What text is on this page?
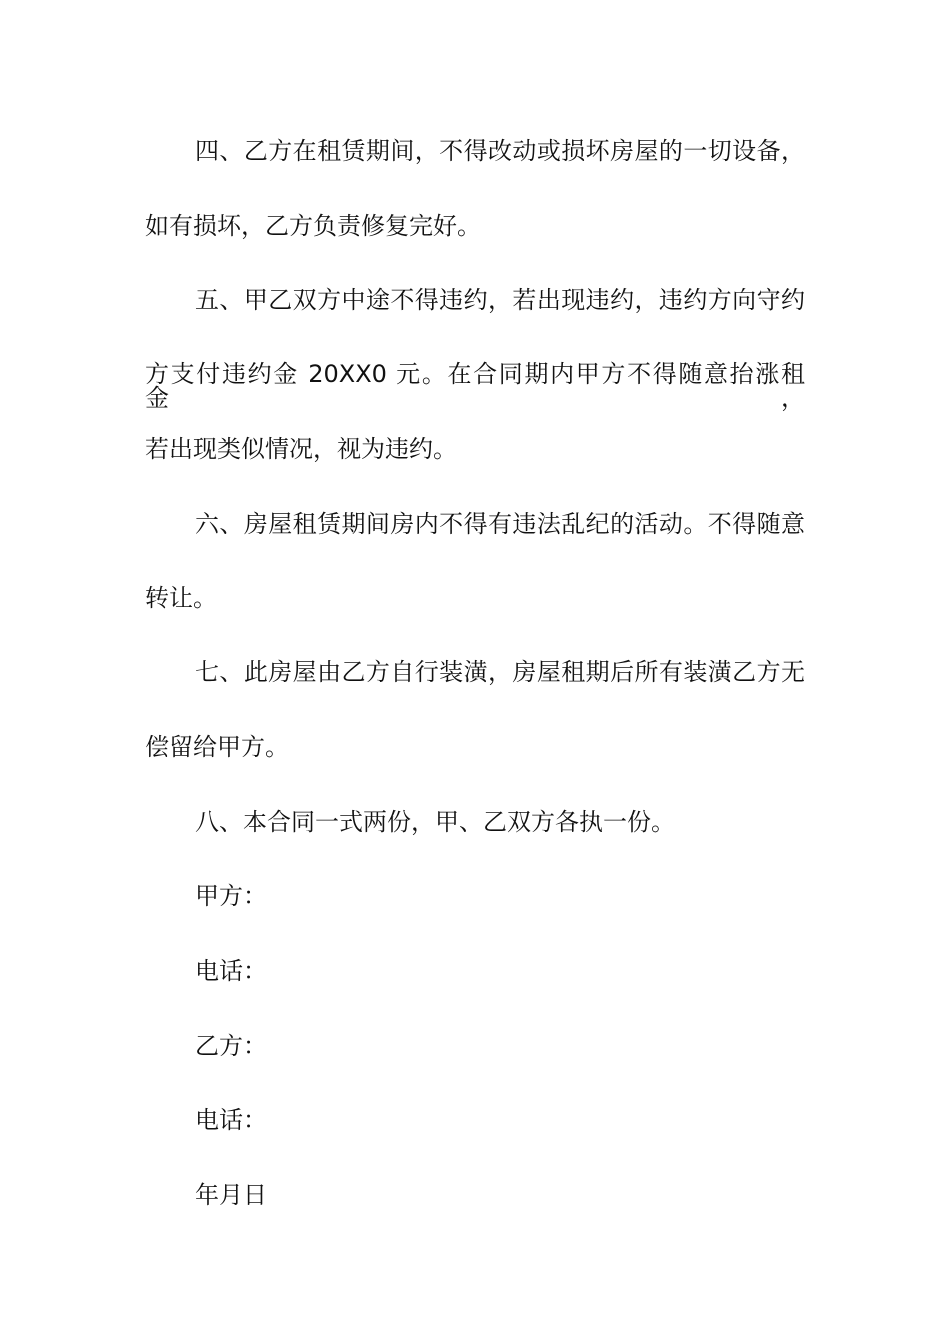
四、乙方在租赁期间，不得改动或损坏房屋的一切设备，
如有损坏，乙方负责修复完好。
五、甲乙双方中途不得违约，若出现违约，违约方向守约
方支付违约金 20XX0 元。在合同期内甲方不得随意抬涨租金，
若出现类似情况，视为违约。
六、房屋租赁期间房内不得有违法乱纪的活动。不得随意
转让。
七、此房屋由乙方自行装潢，房屋租期后所有装潢乙方无
偿留给甲方。
八、本合同一式两份，甲、乙双方各执一份。
甲方：
电话：
乙方：
电话：
年月日
